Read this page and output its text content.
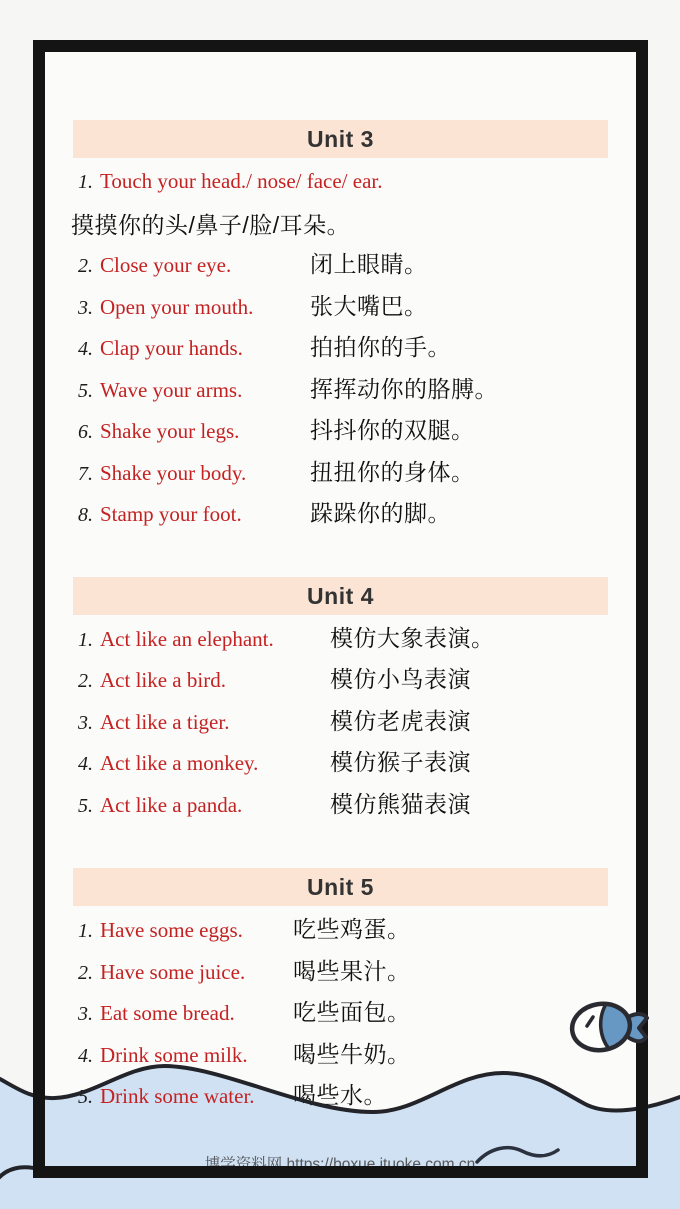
Unit 3
1. Touch your head./ nose/ face/ ear.
摸摸你的头/鼻子/脸/耳朵。
2. Close your eye.	闭上眼睛。
3. Open your mouth. 张大嘴巴。
4. Clap your hands.	拍拍你的手。
5. Wave your arms.	挥挥动你的胳膊。
6. Shake your legs.	抖抖你的双腿。
7. Shake your body.	扭扭你的身体。
8. Stamp your foot.	跺跺你的脚。
Unit 4
1. Act like an elephant. 模仿大象表演。
2. Act like a bird.	模仿小鸟表演
3. Act like a tiger.	模仿老虎表演
4. Act like a monkey.	模仿猴子表演
5. Act like a panda.	模仿熊猫表演
Unit 5
1. Have some eggs. 吃些鸡蛋。
2. Have some juice. 喝些果汁。
3. Eat some bread.	吃些面包。
4. Drink some milk. 喝些牛奶。
5. Drink some water. 喝些水。
博学资料网 https://boxue.ituoke.com.cn
